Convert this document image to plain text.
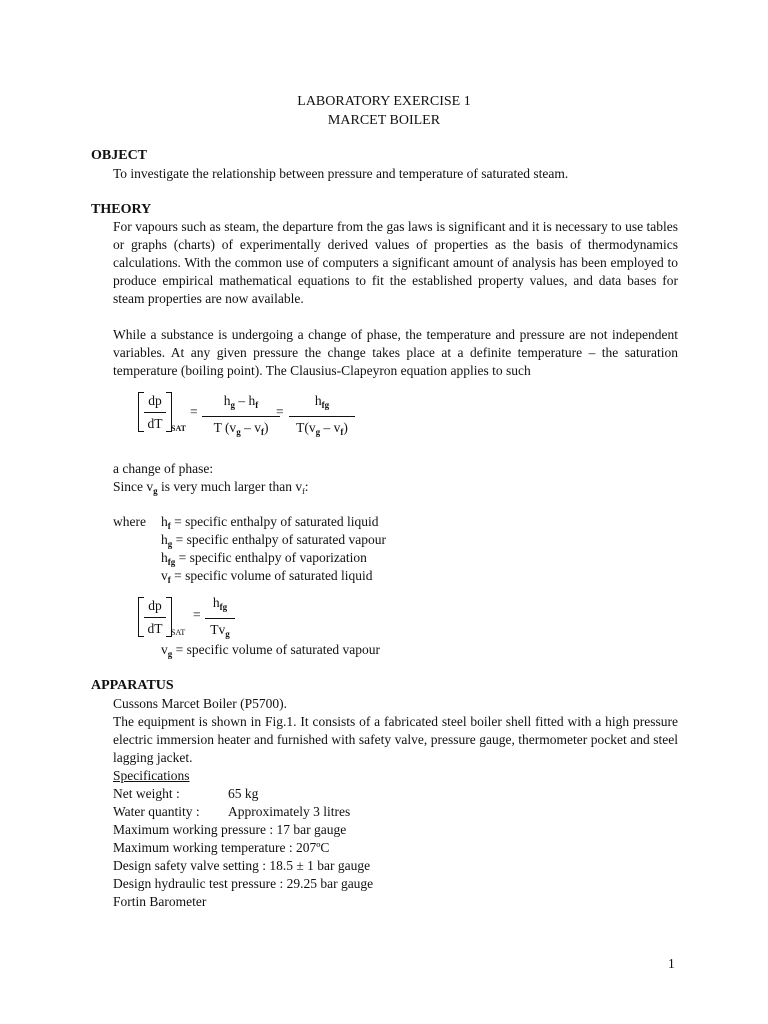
LABORATORY EXERCISE 1
MARCET BOILER
OBJECT
To investigate the relationship between pressure and temperature of saturated steam.
THEORY

For vapours such as steam, the departure from the gas laws is significant and it is necessary to use tables or graphs (charts) of experimentally derived values of properties as the basis of thermodynamics calculations. With the common use of computers a significant amount of analysis has been employed to produce empirical mathematical equations to fit the established property values, and data bases for steam properties are now available.

While a substance is undergoing a change of phase, the temperature and pressure are not independent variables. At any given pressure the change takes place at a definite temperature – the saturation temperature (boiling point). The Clausius-Clapeyron equation applies to such

dp
dT	SAT
=
$h_g - h_f$
T $(v_g - v_f)$
=
$h_{fg}$
$T(v_g - v_f)$
a change of phase:
Since $v_g$ is very much larger than $v_f$:
where $h_f$ = specific enthalpy of saturated liquid
$h_g$ = specific enthalpy of saturated vapour
$h_{fg}$ = specific enthalpy of vaporization
$v_f$ = specific volume of saturated liquid
dp
dT	SAT
=
$h_{fg}$
$Tv_g$
$v_g$ = specific volume of saturated vapour
APPARATUS
Cussons Marcet Boiler (P5700).

The equipment is shown in Fig.1. It consists of a fabricated steel boiler shell fitted with a high pressure electric immersion heater and furnished with safety valve, pressure gauge, thermometer pocket and steel lagging jacket.

Specifications
Net weight :	65 kg
Water quantity : Approximately 3 litres
Maximum working pressure : 17 bar gauge
Maximum working temperature : 207ºC
Design safety valve setting : 18.5 ± 1 bar gauge
Design hydraulic test pressure : 29.25 bar gauge
Fortin Barometer
1
